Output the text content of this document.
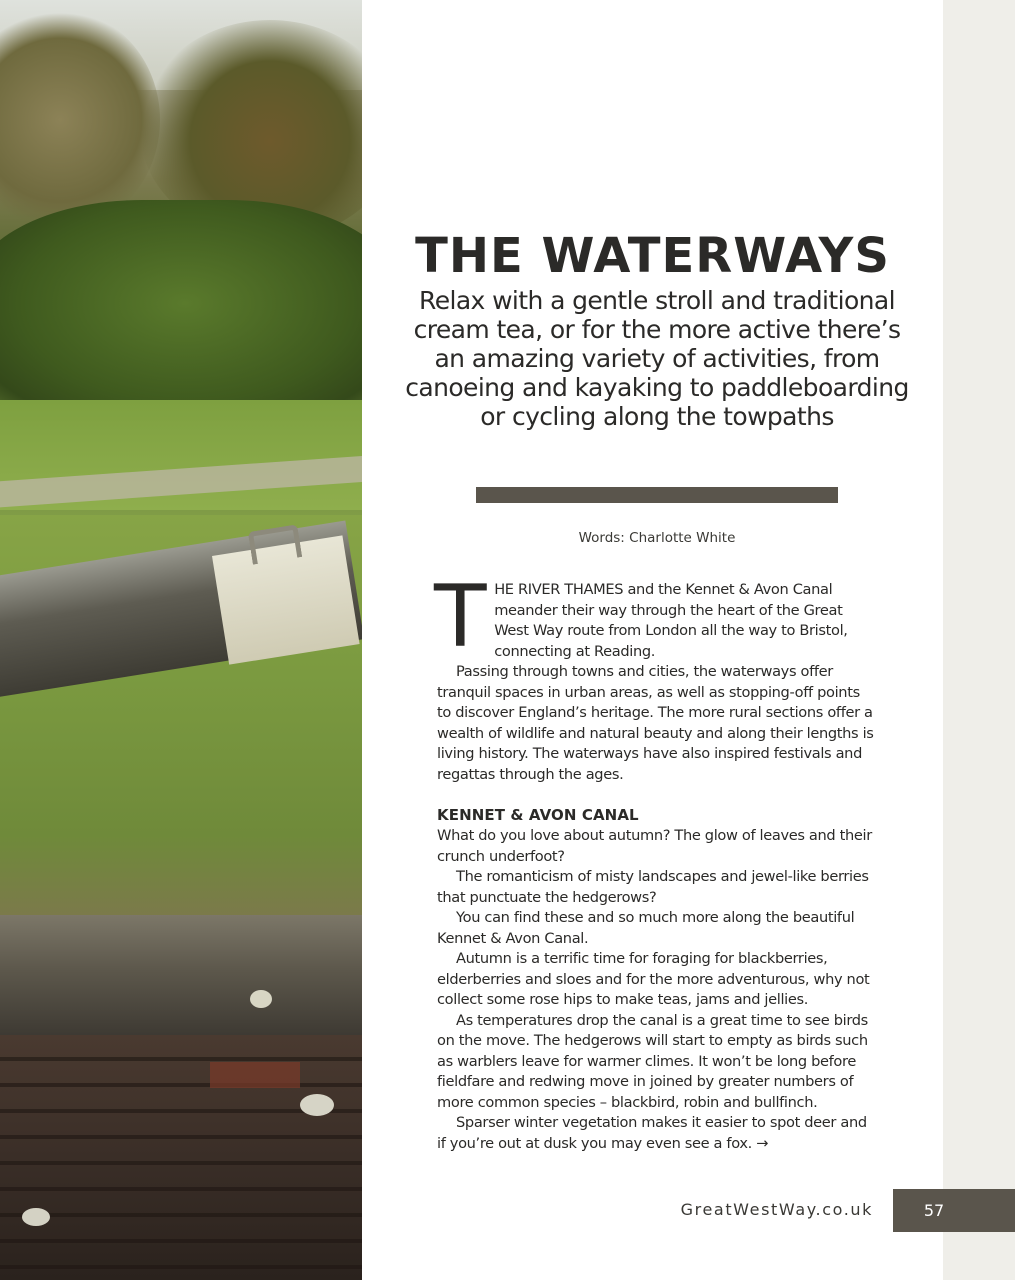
THE WATERWAYS

Relax with a gentle stroll and traditional cream tea, or for the more active there’s an amazing variety of activities, from canoeing and kayaking to paddleboarding or cycling along the towpaths

Words: Charlotte White

THE RIVER THAMES and the Kennet & Avon Canal meander their way through the heart of the Great West Way route from London all the way to Bristol, connecting at Reading.

Passing through towns and cities, the waterways offer tranquil spaces in urban areas, as well as stopping-off points to discover England’s heritage. The more rural sections offer a wealth of wildlife and natural beauty and along their lengths is living history. The waterways have also inspired festivals and regattas through the ages.

KENNET & AVON CANAL

What do you love about autumn? The glow of leaves and their crunch underfoot?

The romanticism of misty landscapes and jewel-like berries that punctuate the hedgerows?

You can find these and so much more along the beautiful Kennet & Avon Canal.

Autumn is a terrific time for foraging for blackberries, elderberries and sloes and for the more adventurous, why not collect some rose hips to make teas, jams and jellies.

As temperatures drop the canal is a great time to see birds on the move. The hedgerows will start to empty as birds such as warblers leave for warmer climes. It won’t be long before fieldfare and redwing move in joined by greater numbers of more common species – blackbird, robin and bullfinch.

Sparser winter vegetation makes it easier to spot deer and if you’re out at dusk you may even see a fox. →

GreatWestWay.co.uk	57
